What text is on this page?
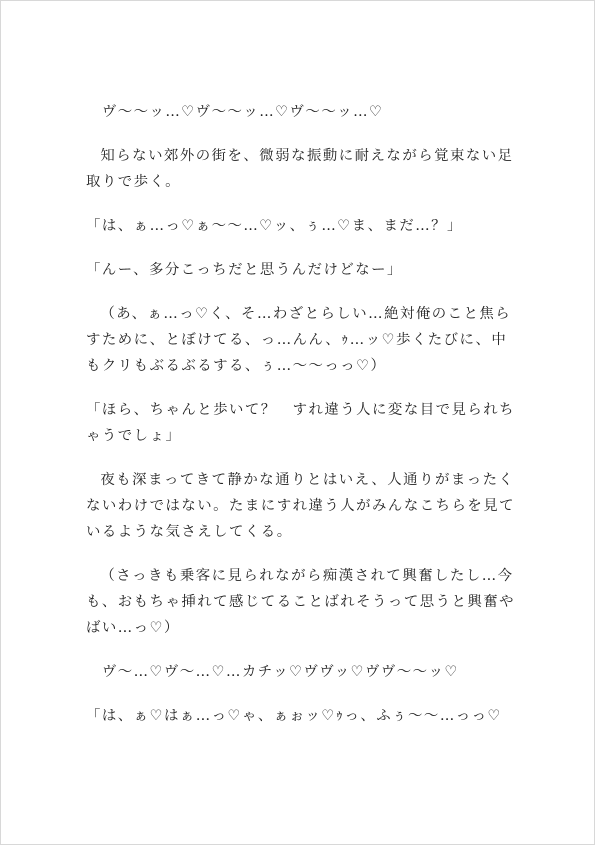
ヴ〜〜ッ…♡ヴ〜〜ッ…♡ヴ〜〜ッ…♡

知らない郊外の街を、微弱な振動に耐えながら覚束ない足取りで歩く。

「は、ぁ…っ♡ぁ〜〜…♡ッ、ぅ…♡ま、まだ…？」

「んー、多分こっちだと思うんだけどなー」

（あ、ぁ…っ♡く、そ…わざとらしい…絶対俺のこと焦らすために、とぼけてる、っ…んん、ｩ…ッ♡歩くたびに、中もクリもぶるぶるする、ぅ…〜〜っっ♡）

「ほら、ちゃんと歩いて？　すれ違う人に変な目で見られちゃうでしょ」

夜も深まってきて静かな通りとはいえ、人通りがまったくないわけではない。たまにすれ違う人がみんなこちらを見ているような気さえしてくる。

（さっきも乗客に見られながら痴漢されて興奮したし…今も、おもちゃ挿れて感じてることばれそうって思うと興奮やばい…っ♡）

ヴ〜…♡ヴ〜…♡…カチッ♡ヴヴッ♡ヴヴ〜〜ッ♡

「は、ぁ♡はぁ…っ♡ゃ、ぁぉッ♡ｩっ、ふぅ〜〜…っっ♡
